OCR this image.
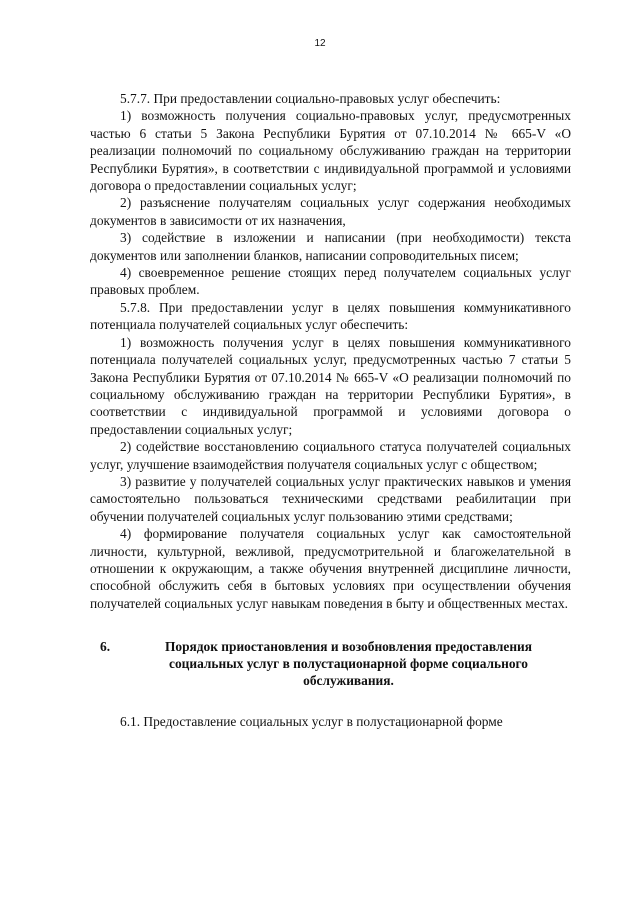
12

5.7.7. При предоставлении социально-правовых услуг обеспечить:

1) возможность получения социально-правовых услуг, предусмотренных частью 6 статьи 5 Закона Республики Бурятия от 07.10.2014 № 665-V «О реализации полномочий по социальному обслуживанию граждан на территории Республики Бурятия», в соответствии с индивидуальной программой и условиями договора о предоставлении социальных услуг;

2) разъяснение получателям социальных услуг содержания необходимых документов в зависимости от их назначения,

3) содействие в изложении и написании (при необходимости) текста документов или заполнении бланков, написании сопроводительных писем;

4) своевременное решение стоящих перед получателем социальных услуг правовых проблем.

5.7.8. При предоставлении услуг в целях повышения коммуникативного потенциала получателей социальных услуг обеспечить:

1) возможность получения услуг в целях повышения коммуникативного потенциала получателей социальных услуг, предусмотренных частью 7 статьи 5 Закона Республики Бурятия от 07.10.2014 № 665-V «О реализации полномочий по социальному обслуживанию граждан на территории Республики Бурятия», в соответствии с индивидуальной программой и условиями договора о предоставлении социальных услуг;

2) содействие восстановлению социального статуса получателей социальных услуг, улучшение взаимодействия получателя социальных услуг с обществом;

3) развитие у получателей социальных услуг практических навыков и умения самостоятельно пользоваться техническими средствами реабилитации при обучении получателей социальных услуг пользованию этими средствами;

4) формирование получателя социальных услуг как самостоятельной личности, культурной, вежливой, предусмотрительной и благожелательной в отношении к окружающим, а также обучения внутренней дисциплине личности, способной обслужить себя в бытовых условиях при осуществлении обучения получателей социальных услуг навыкам поведения в быту и общественных местах.

6.	Порядок приостановления и возобновления предоставления социальных услуг в полустационарной форме социального обслуживания.

6.1. Предоставление социальных услуг в полустационарной форме
